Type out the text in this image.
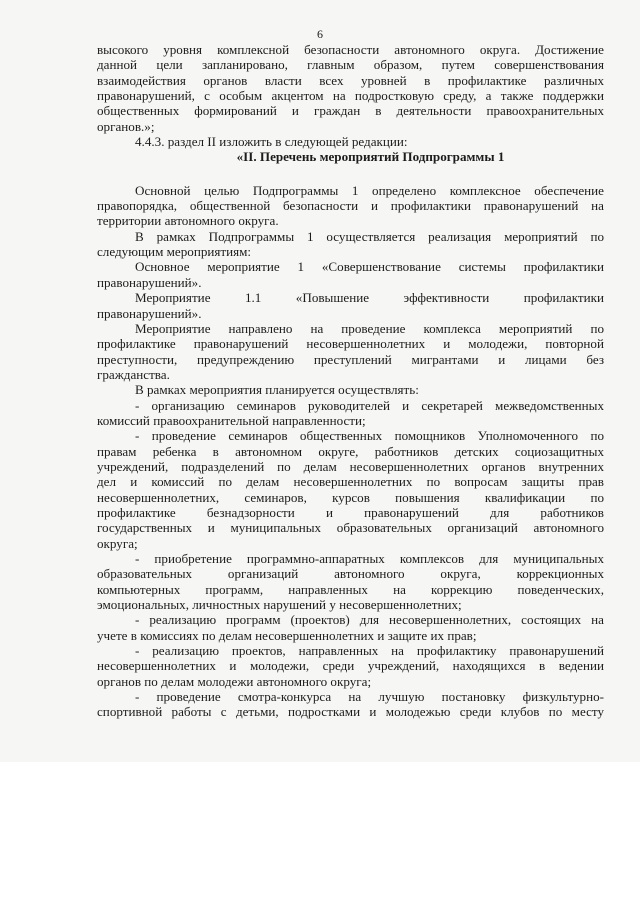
6

высокого уровня комплексной безопасности автономного округа. Достижение

данной цели запланировано, главным образом, путем совершенствования

взаимодействия органов власти всех уровней в профилактике различных

правонарушений, с особым акцентом на подростковую среду, а также поддержки

общественных формирований и граждан в деятельности правоохранительных

органов.»;

4.4.3. раздел II изложить в следующей редакции:

«II. Перечень мероприятий Подпрограммы 1

Основной целью Подпрограммы 1 определено комплексное обеспечение

правопорядка, общественной безопасности и профилактики правонарушений на

территории автономного округа.

В рамках Подпрограммы 1 осуществляется реализация мероприятий по

следующим мероприятиям:

Основное мероприятие 1 «Совершенствование системы профилактики

правонарушений».

Мероприятие 1.1 «Повышение эффективности профилактики

правонарушений».

Мероприятие направлено на проведение комплекса мероприятий по

профилактике правонарушений несовершеннолетних и молодежи, повторной

преступности, предупреждению преступлений мигрантами и лицами без

гражданства.

В рамках мероприятия планируется осуществлять:

- организацию семинаров руководителей и секретарей межведомственных

комиссий правоохранительной направленности;

- проведение семинаров общественных помощников Уполномоченного по

правам ребенка в автономном округе, работников детских социозащитных

учреждений, подразделений по делам несовершеннолетних органов внутренних

дел и комиссий по делам несовершеннолетних по вопросам защиты прав

несовершеннолетних, семинаров, курсов повышения квалификации по

профилактике безнадзорности и правонарушений для работников

государственных и муниципальных образовательных организаций автономного

округа;

- приобретение программно-аппаратных комплексов для муниципальных

образовательных организаций автономного округа, коррекционных

компьютерных программ, направленных на коррекцию поведенческих,

эмоциональных, личностных нарушений у несовершеннолетних;

- реализацию программ (проектов) для несовершеннолетних, состоящих на

учете в комиссиях по делам несовершеннолетних и защите их прав;

- реализацию проектов, направленных на профилактику правонарушений

несовершеннолетних и молодежи, среди учреждений, находящихся в ведении

органов по делам молодежи автономного округа;

- проведение смотра-конкурса на лучшую постановку физкультурно-

спортивной работы с детьми, подростками и молодежью среди клубов по месту
